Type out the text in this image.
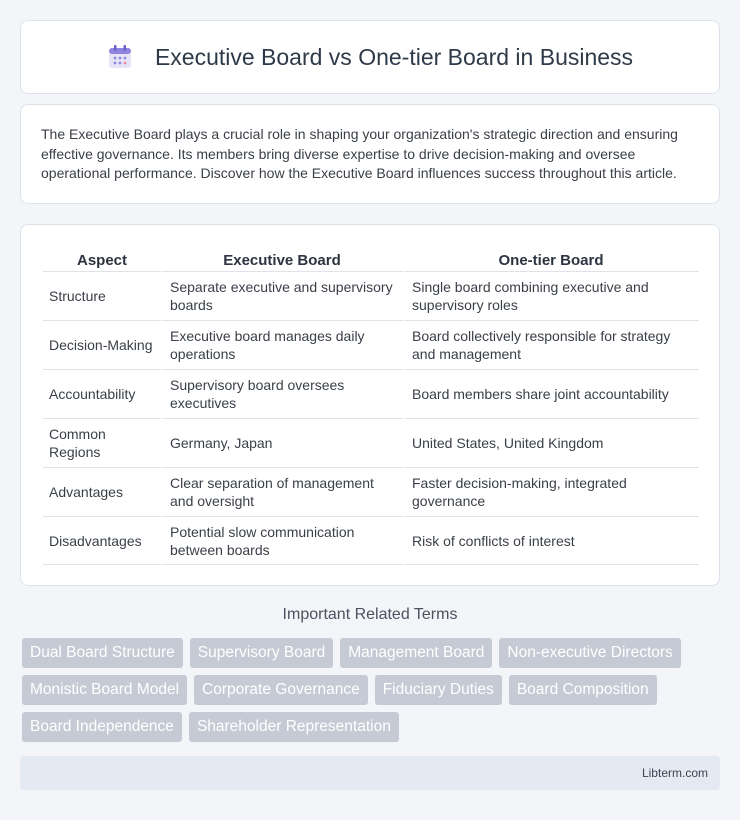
Executive Board vs One-tier Board in Business

The Executive Board plays a crucial role in shaping your organization's strategic direction and ensuring effective governance. Its members bring diverse expertise to drive decision-making and oversee operational performance. Discover how the Executive Board influences success throughout this article.

Aspect	Executive Board	One-tier Board
Structure	Separate executive and supervisory boards	Single board combining executive and supervisory roles
Decision-Making	Executive board manages daily operations	Board collectively responsible for strategy and management
Accountability	Supervisory board oversees executives	Board members share joint accountability
Common Regions	Germany, Japan	United States, United Kingdom
Advantages	Clear separation of management and oversight	Faster decision-making, integrated governance
Disadvantages	Potential slow communication between boards	Risk of conflicts of interest
Important Related Terms
Dual Board Structure	Supervisory Board	Management Board	Non-executive Directors
Monistic Board Model	Corporate Governance	Fiduciary Duties	Board Composition
Board Independence	Shareholder Representation
Libterm.com
